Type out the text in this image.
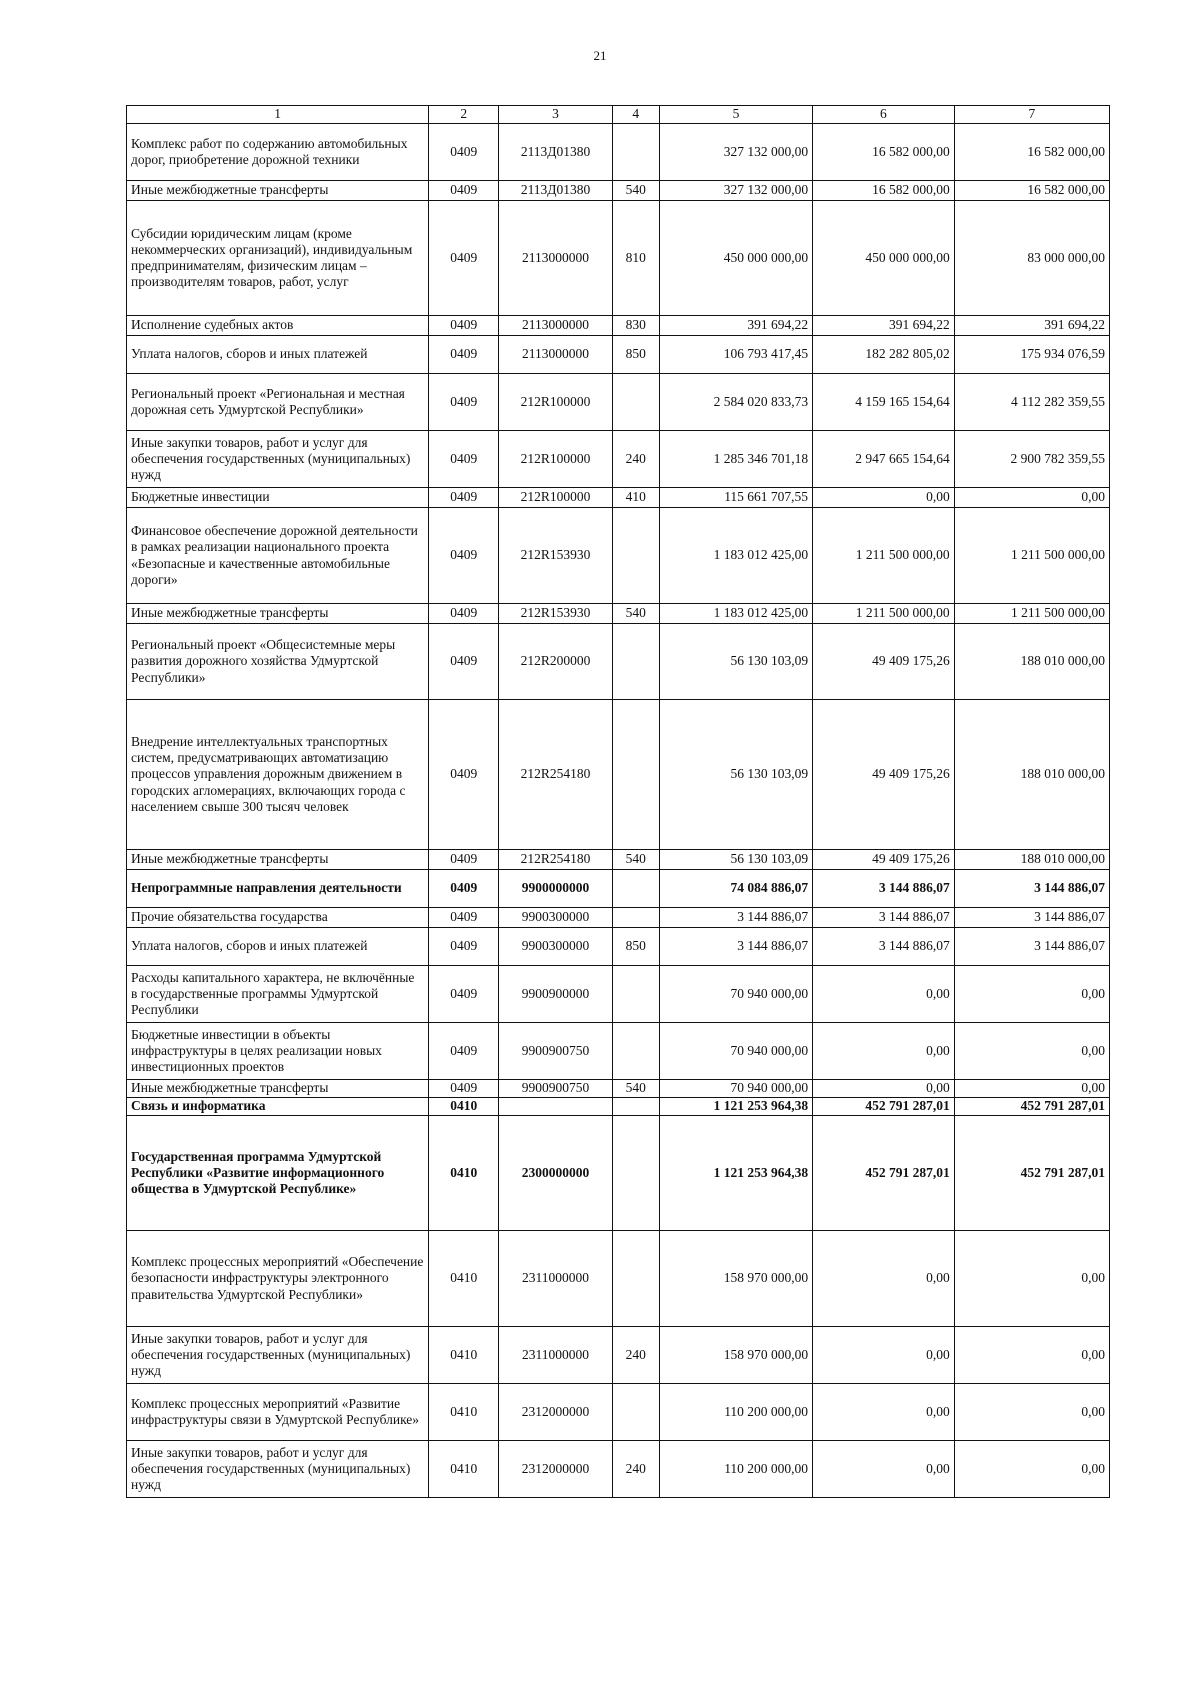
21
1	2	3	4	5	6	7
Комплекс работ по содержанию автомобильных дорог, приобретение дорожной техники	0409	2113Д01380		327 132 000,00	16 582 000,00	16 582 000,00
Иные межбюджетные трансферты	0409	2113Д01380	540	327 132 000,00	16 582 000,00	16 582 000,00
Субсидии юридическим лицам (кроме некоммерческих организаций), индивидуальным предпринимателям, физическим лицам – производителям товаров, работ, услуг	0409	2113000000	810	450 000 000,00	450 000 000,00	83 000 000,00
Исполнение судебных актов	0409	2113000000	830	391 694,22	391 694,22	391 694,22
Уплата налогов, сборов и иных платежей	0409	2113000000	850	106 793 417,45	182 282 805,02	175 934 076,59
Региональный проект «Региональная и местная дорожная сеть Удмуртской Республики»	0409	212R100000		2 584 020 833,73	4 159 165 154,64	4 112 282 359,55
Иные закупки товаров, работ и услуг для обеспечения государственных (муниципальных) нужд	0409	212R100000	240	1 285 346 701,18	2 947 665 154,64	2 900 782 359,55
Бюджетные инвестиции	0409	212R100000	410	115 661 707,55	0,00	0,00
Финансовое обеспечение дорожной деятельности в рамках реализации национального проекта «Безопасные и качественные автомобильные дороги»	0409	212R153930		1 183 012 425,00	1 211 500 000,00	1 211 500 000,00
Иные межбюджетные трансферты	0409	212R153930	540	1 183 012 425,00	1 211 500 000,00	1 211 500 000,00
Региональный проект «Общесистемные меры развития дорожного хозяйства Удмуртской Республики»	0409	212R200000		56 130 103,09	49 409 175,26	188 010 000,00
Внедрение интеллектуальных транспортных систем, предусматривающих автоматизацию процессов управления дорожным движением в городских агломерациях, включающих города с населением свыше 300 тысяч человек	0409	212R254180		56 130 103,09	49 409 175,26	188 010 000,00
Иные межбюджетные трансферты	0409	212R254180	540	56 130 103,09	49 409 175,26	188 010 000,00
Непрограммные направления деятельности	0409	9900000000		74 084 886,07	3 144 886,07	3 144 886,07
Прочие обязательства государства	0409	9900300000		3 144 886,07	3 144 886,07	3 144 886,07
Уплата налогов, сборов и иных платежей	0409	9900300000	850	3 144 886,07	3 144 886,07	3 144 886,07
Расходы капитального характера, не включённые в государственные программы Удмуртской Республики	0409	9900900000		70 940 000,00	0,00	0,00
Бюджетные инвестиции в объекты инфраструктуры в целях реализации новых инвестиционных проектов	0409	9900900750		70 940 000,00	0,00	0,00
Иные межбюджетные трансферты	0409	9900900750	540	70 940 000,00	0,00	0,00
Связь и информатика	0410			1 121 253 964,38	452 791 287,01	452 791 287,01
Государственная программа Удмуртской Республики «Развитие информационного общества в Удмуртской Республике»	0410	2300000000		1 121 253 964,38	452 791 287,01	452 791 287,01
Комплекс процессных мероприятий «Обеспечение безопасности инфраструктуры электронного правительства Удмуртской Республики»	0410	2311000000		158 970 000,00	0,00	0,00
Иные закупки товаров, работ и услуг для обеспечения государственных (муниципальных) нужд	0410	2311000000	240	158 970 000,00	0,00	0,00
Комплекс процессных мероприятий «Развитие инфраструктуры связи в Удмуртской Республике»	0410	2312000000		110 200 000,00	0,00	0,00
Иные закупки товаров, работ и услуг для обеспечения государственных (муниципальных) нужд	0410	2312000000	240	110 200 000,00	0,00	0,00
